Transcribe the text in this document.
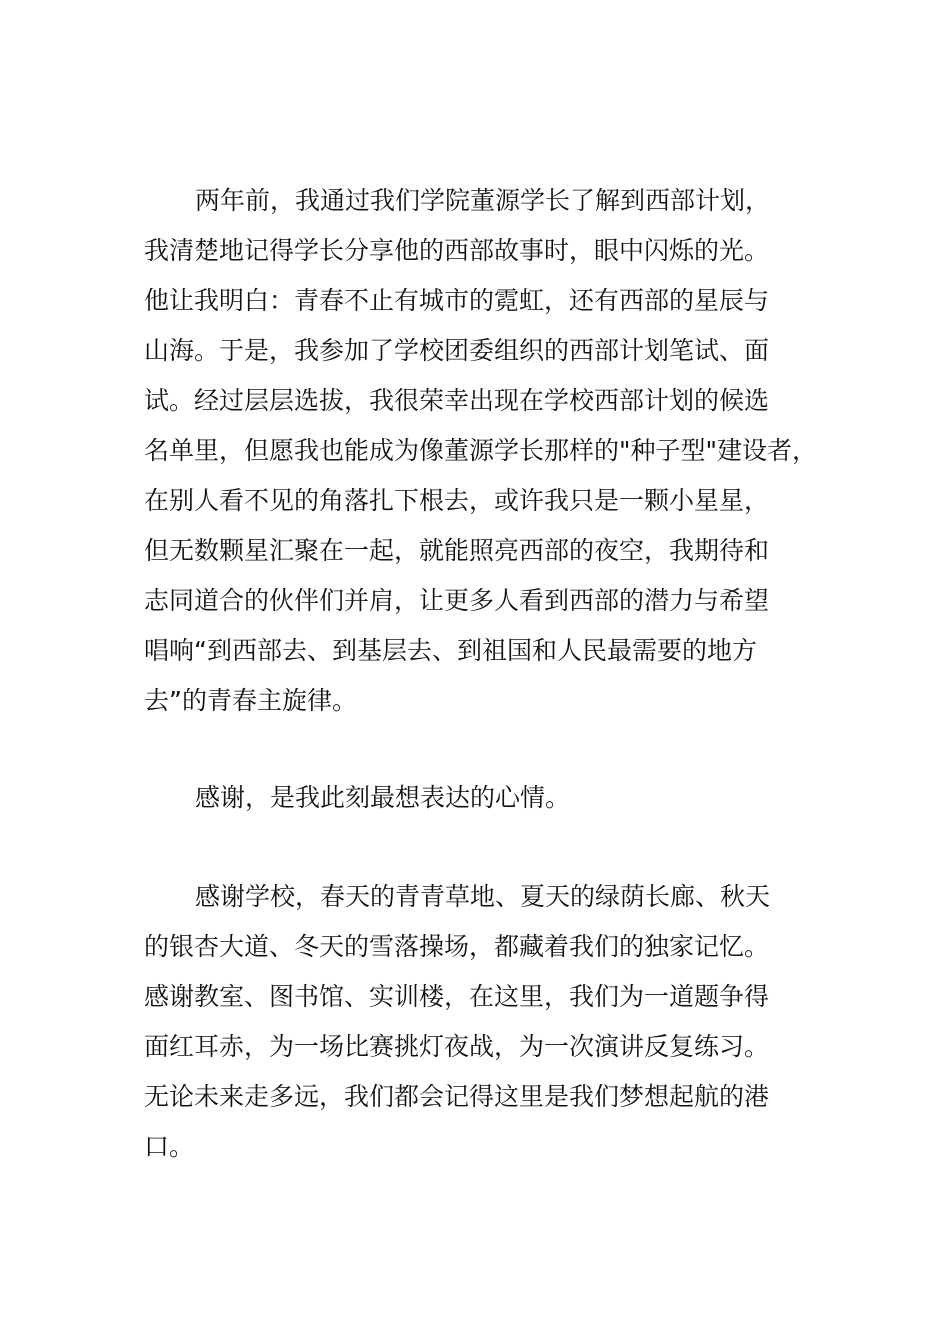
两年前，我通过我们学院董源学长了解到西部计划，
我清楚地记得学长分享他的西部故事时，眼中闪烁的光。
他让我明白：青春不止有城市的霓虹，还有西部的星辰与
山海。于是，我参加了学校团委组织的西部计划笔试、面
试。经过层层选拔，我很荣幸出现在学校西部计划的候选
名单里，但愿我也能成为像董源学长那样的"种子型"建设者，
在别人看不见的角落扎下根去，或许我只是一颗小星星，
但无数颗星汇聚在一起，就能照亮西部的夜空，我期待和
志同道合的伙伴们并肩，让更多人看到西部的潜力与希望
唱响“到西部去、到基层去、到祖国和人民最需要的地方
去”的青春主旋律。
感谢，是我此刻最想表达的心情。
感谢学校，春天的青青草地、夏天的绿荫长廊、秋天
的银杏大道、冬天的雪落操场，都藏着我们的独家记忆。
感谢教室、图书馆、实训楼，在这里，我们为一道题争得
面红耳赤，为一场比赛挑灯夜战，为一次演讲反复练习。
无论未来走多远，我们都会记得这里是我们梦想起航的港
口。
